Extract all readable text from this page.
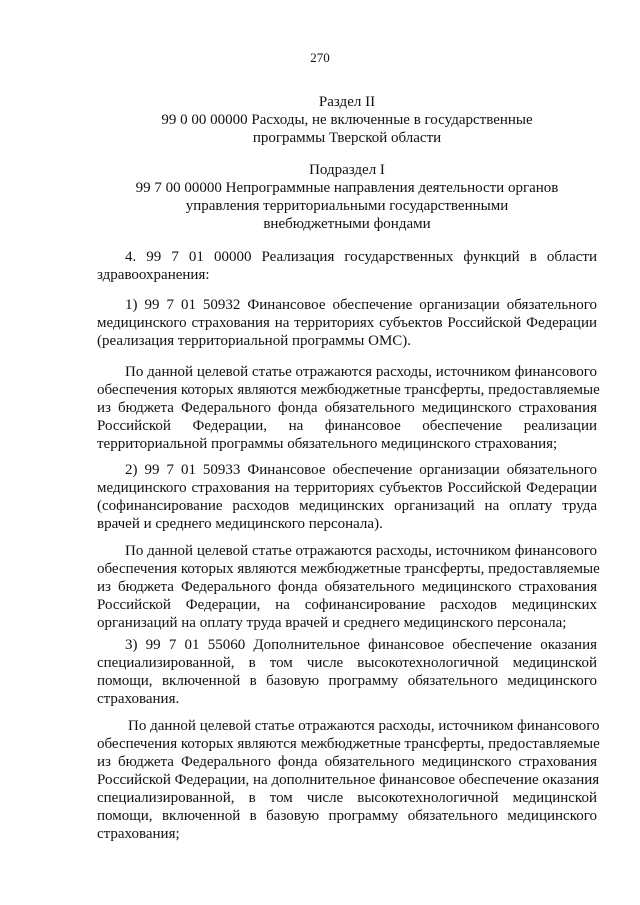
270
Раздел II
99 0 00 00000 Расходы, не включенные в государственные
программы Тверской области
Подраздел I
99 7 00 00000 Непрограммные направления деятельности органов
управления территориальными государственными
внебюджетными фондами
4. 99 7 01 00000 Реализация государственных функций в области
здравоохранения:
1) 99 7 01 50932 Финансовое обеспечение организации обязательного
медицинского страхования на территориях субъектов Российской Федерации
(реализация территориальной программы ОМС).
По данной целевой статье отражаются расходы, источником финансового
обеспечения которых являются межбюджетные трансферты, предоставляемые
из бюджета Федерального фонда обязательного медицинского страхования
Российской Федерации, на финансовое обеспечение реализации
территориальной программы обязательного медицинского страхования;
2) 99 7 01 50933 Финансовое обеспечение организации обязательного
медицинского страхования на территориях субъектов Российской Федерации
(софинансирование расходов медицинских организаций на оплату труда
врачей и среднего медицинского персонала).
По данной целевой статье отражаются расходы, источником финансового
обеспечения которых являются межбюджетные трансферты, предоставляемые
из бюджета Федерального фонда обязательного медицинского страхования
Российской Федерации, на софинансирование расходов медицинских
организаций на оплату труда врачей и среднего медицинского персонала;
3) 99 7 01 55060 Дополнительное финансовое обеспечение оказания
специализированной, в том числе высокотехнологичной медицинской
помощи, включенной в базовую программу обязательного медицинского
страхования.
По данной целевой статье отражаются расходы, источником финансового
обеспечения которых являются межбюджетные трансферты, предоставляемые
из бюджета Федерального фонда обязательного медицинского страхования
Российской Федерации, на дополнительное финансовое обеспечение оказания
специализированной, в том числе высокотехнологичной медицинской
помощи, включенной в базовую программу обязательного медицинского
страхования;
